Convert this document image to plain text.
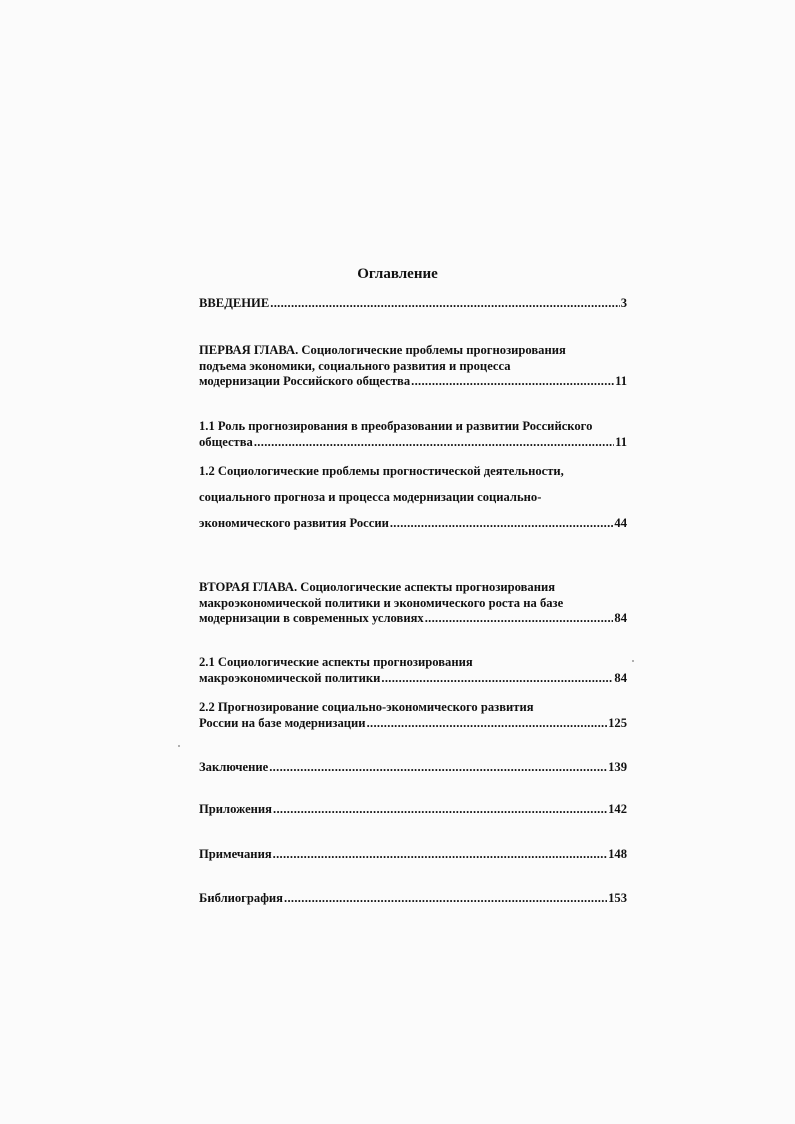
Оглавление
ВВЕДЕНИЕ .....	3
ПЕРВАЯ ГЛАВА. Социологические проблемы прогнозирования
подъема экономики, социального развития и процесса
модернизации Российского общества .....	11
1.1 Роль прогнозирования в преобразовании и развитии Российского
общества .....	11
1.2 Социологические проблемы прогностической деятельности,
социального прогноза и процесса модернизации социально-
экономического развития России .....	44
ВТОРАЯ ГЛАВА. Социологические аспекты прогнозирования
макроэкономической политики и экономического роста на базе
модернизации в современных условиях .....	84
2.1 Социологические аспекты прогнозирования
макроэкономической политики .....	84
2.2 Прогнозирование социально-экономического развития
России на базе модернизации .....	125
Заключение .....	139
Приложения .....	142
Примечания .....	148
Библиография .....	153
